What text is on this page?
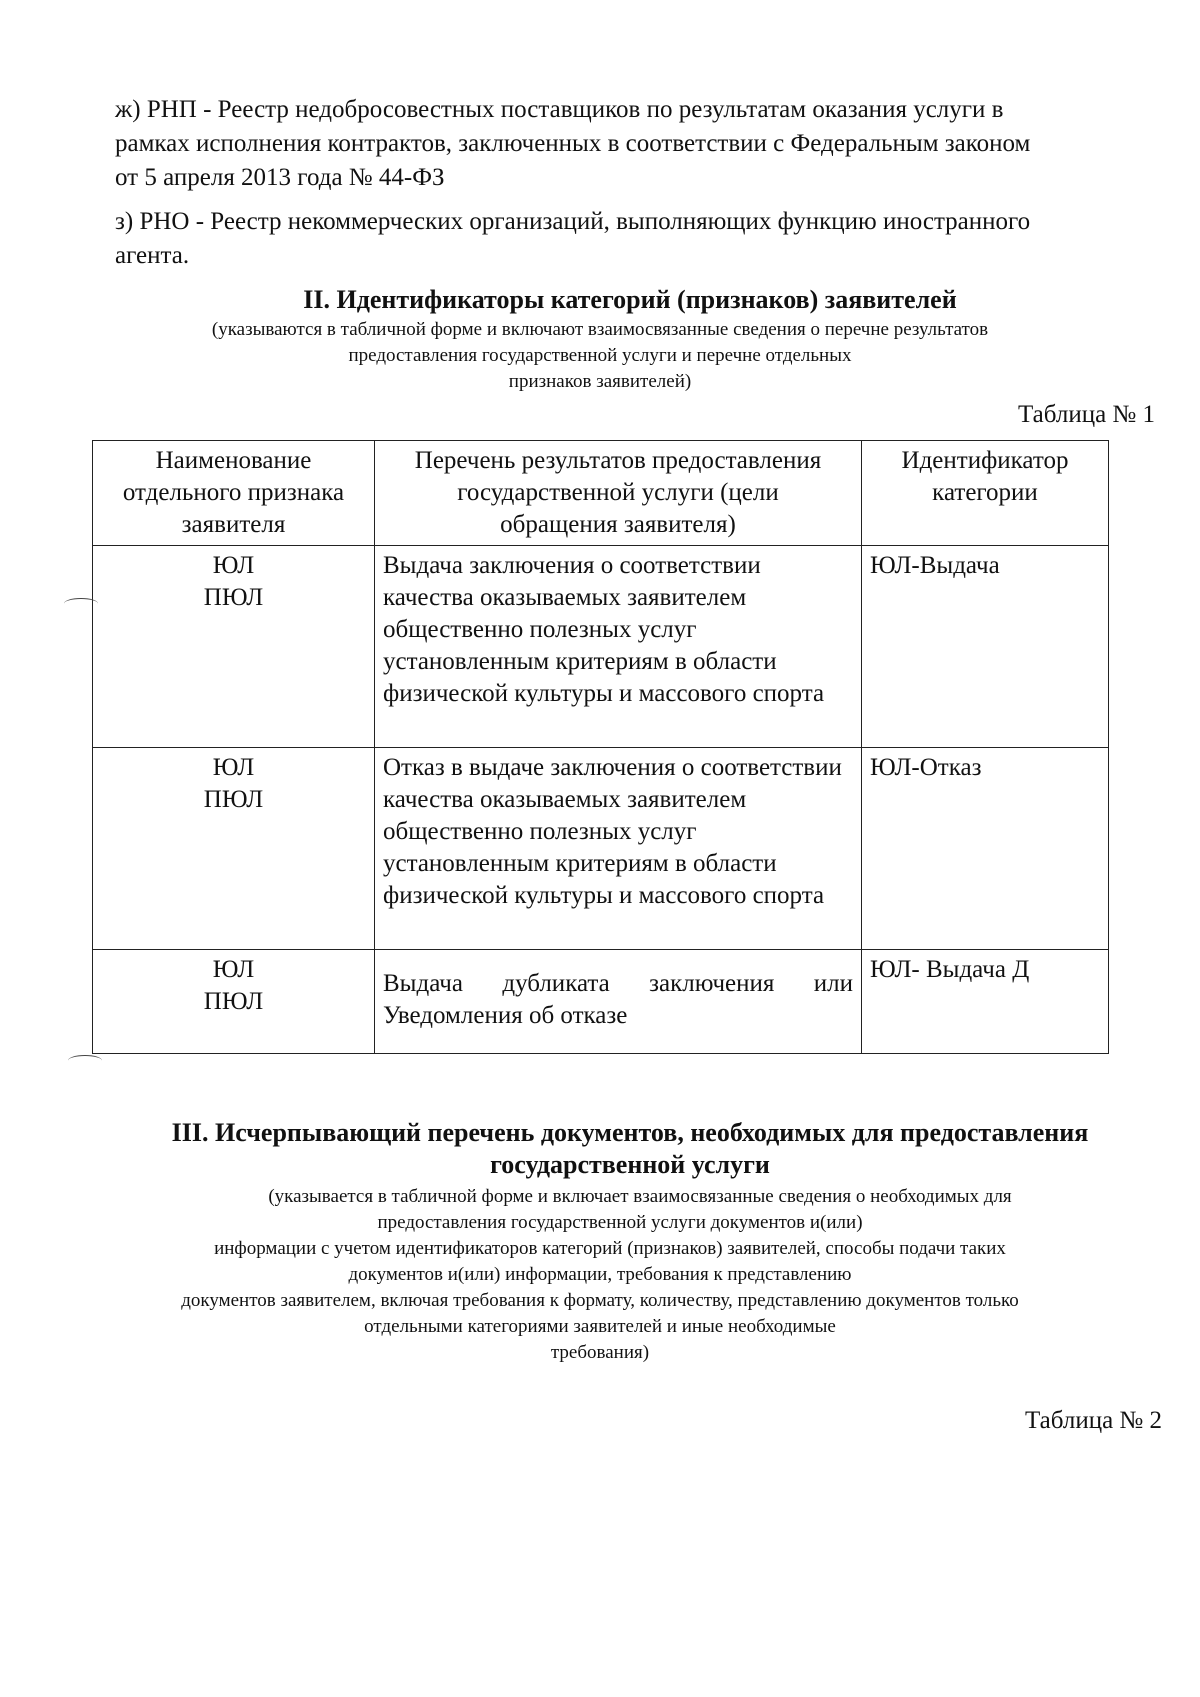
ж) РНП - Реестр недобросовестных поставщиков по результатам оказания услуги в
рамках исполнения контрактов, заключенных в соответствии с Федеральным законом
от 5 апреля 2013 года № 44-ФЗ
з) РНО - Реестр некоммерческих организаций, выполняющих функцию иностранного
агента.
II. Идентификаторы категорий (признаков) заявителей
(указываются в табличной форме и включают взаимосвязанные сведения о перечне результатов
предоставления государственной услуги и перечне отдельных
признаков заявителей)
Таблица № 1
Наименование
отдельного признака
заявителя	Перечень результатов предоставления
государственной услуги (цели
обращения заявителя)	Идентификатор
категории

ЮЛ
ПЮЛ	Выдача заключения о соответствии качества оказываемых заявителем общественно полезных услуг установленным критериям в области физической культуры и массового спорта	ЮЛ-Выдача

ЮЛ
ПЮЛ	Отказ в выдаче заключения о соответствии качества оказываемых заявителем общественно полезных услуг установленным критериям в области физической культуры и массового спорта	ЮЛ-Отказ

ЮЛ
ПЮЛ	Выдача дубликата заключения или
Уведомления об отказе	ЮЛ- Выдача Д
III. Исчерпывающий перечень документов, необходимых для предоставления
государственной услуги
(указывается в табличной форме и включает взаимосвязанные сведения о необходимых для
предоставления государственной услуги документов и(или)
информации с учетом идентификаторов категорий (признаков) заявителей, способы подачи таких
документов и(или) информации, требования к представлению
документов заявителем, включая требования к формату, количеству, представлению документов только
отдельными категориями заявителей и иные необходимые
требования)
Таблица № 2
